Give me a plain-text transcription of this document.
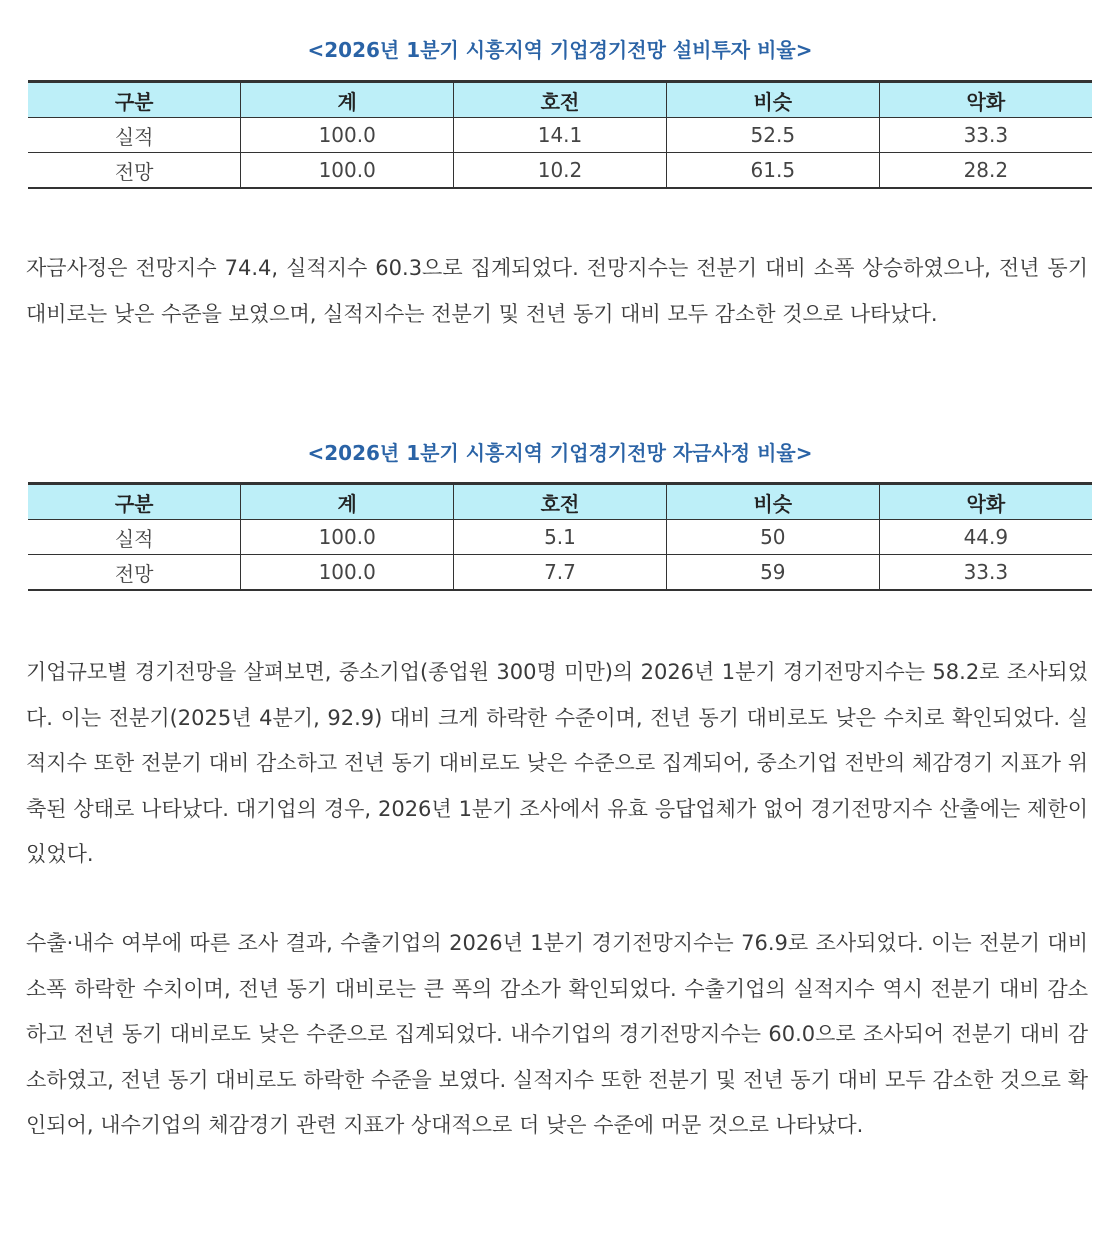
<2026년 1분기 시흥지역 기업경기전망 설비투자 비율>
구분	계	호전	비슷	악화
실적	100.0	14.1	52.5	33.3
전망	100.0	10.2	61.5	28.2

자금사정은 전망지수 74.4, 실적지수 60.3으로 집계되었다. 전망지수는 전분기 대비 소폭 상승하였으나, 전년 동기 대비로는 낮은 수준을 보였으며, 실적지수는 전분기 및 전년 동기 대비 모두 감소한 것으로 나타났다.

<2026년 1분기 시흥지역 기업경기전망 자금사정 비율>
구분	계	호전	비슷	악화
실적	100.0	5.1	50	44.9
전망	100.0	7.7	59	33.3

기업규모별 경기전망을 살펴보면, 중소기업(종업원 300명 미만)의 2026년 1분기 경기전망지수는 58.2로 조사되었다. 이는 전분기(2025년 4분기, 92.9) 대비 크게 하락한 수준이며, 전년 동기 대비로도 낮은 수치로 확인되었다. 실적지수 또한 전분기 대비 감소하고 전년 동기 대비로도 낮은 수준으로 집계되어, 중소기업 전반의 체감경기 지표가 위축된 상태로 나타났다. 대기업의 경우, 2026년 1분기 조사에서 유효 응답업체가 없어 경기전망지수 산출에는 제한이 있었다.

수출·내수 여부에 따른 조사 결과, 수출기업의 2026년 1분기 경기전망지수는 76.9로 조사되었다. 이는 전분기 대비 소폭 하락한 수치이며, 전년 동기 대비로는 큰 폭의 감소가 확인되었다. 수출기업의 실적지수 역시 전분기 대비 감소하고 전년 동기 대비로도 낮은 수준으로 집계되었다. 내수기업의 경기전망지수는 60.0으로 조사되어 전분기 대비 감소하였고, 전년 동기 대비로도 하락한 수준을 보였다. 실적지수 또한 전분기 및 전년 동기 대비 모두 감소한 것으로 확인되어, 내수기업의 체감경기 관련 지표가 상대적으로 더 낮은 수준에 머문 것으로 나타났다.
